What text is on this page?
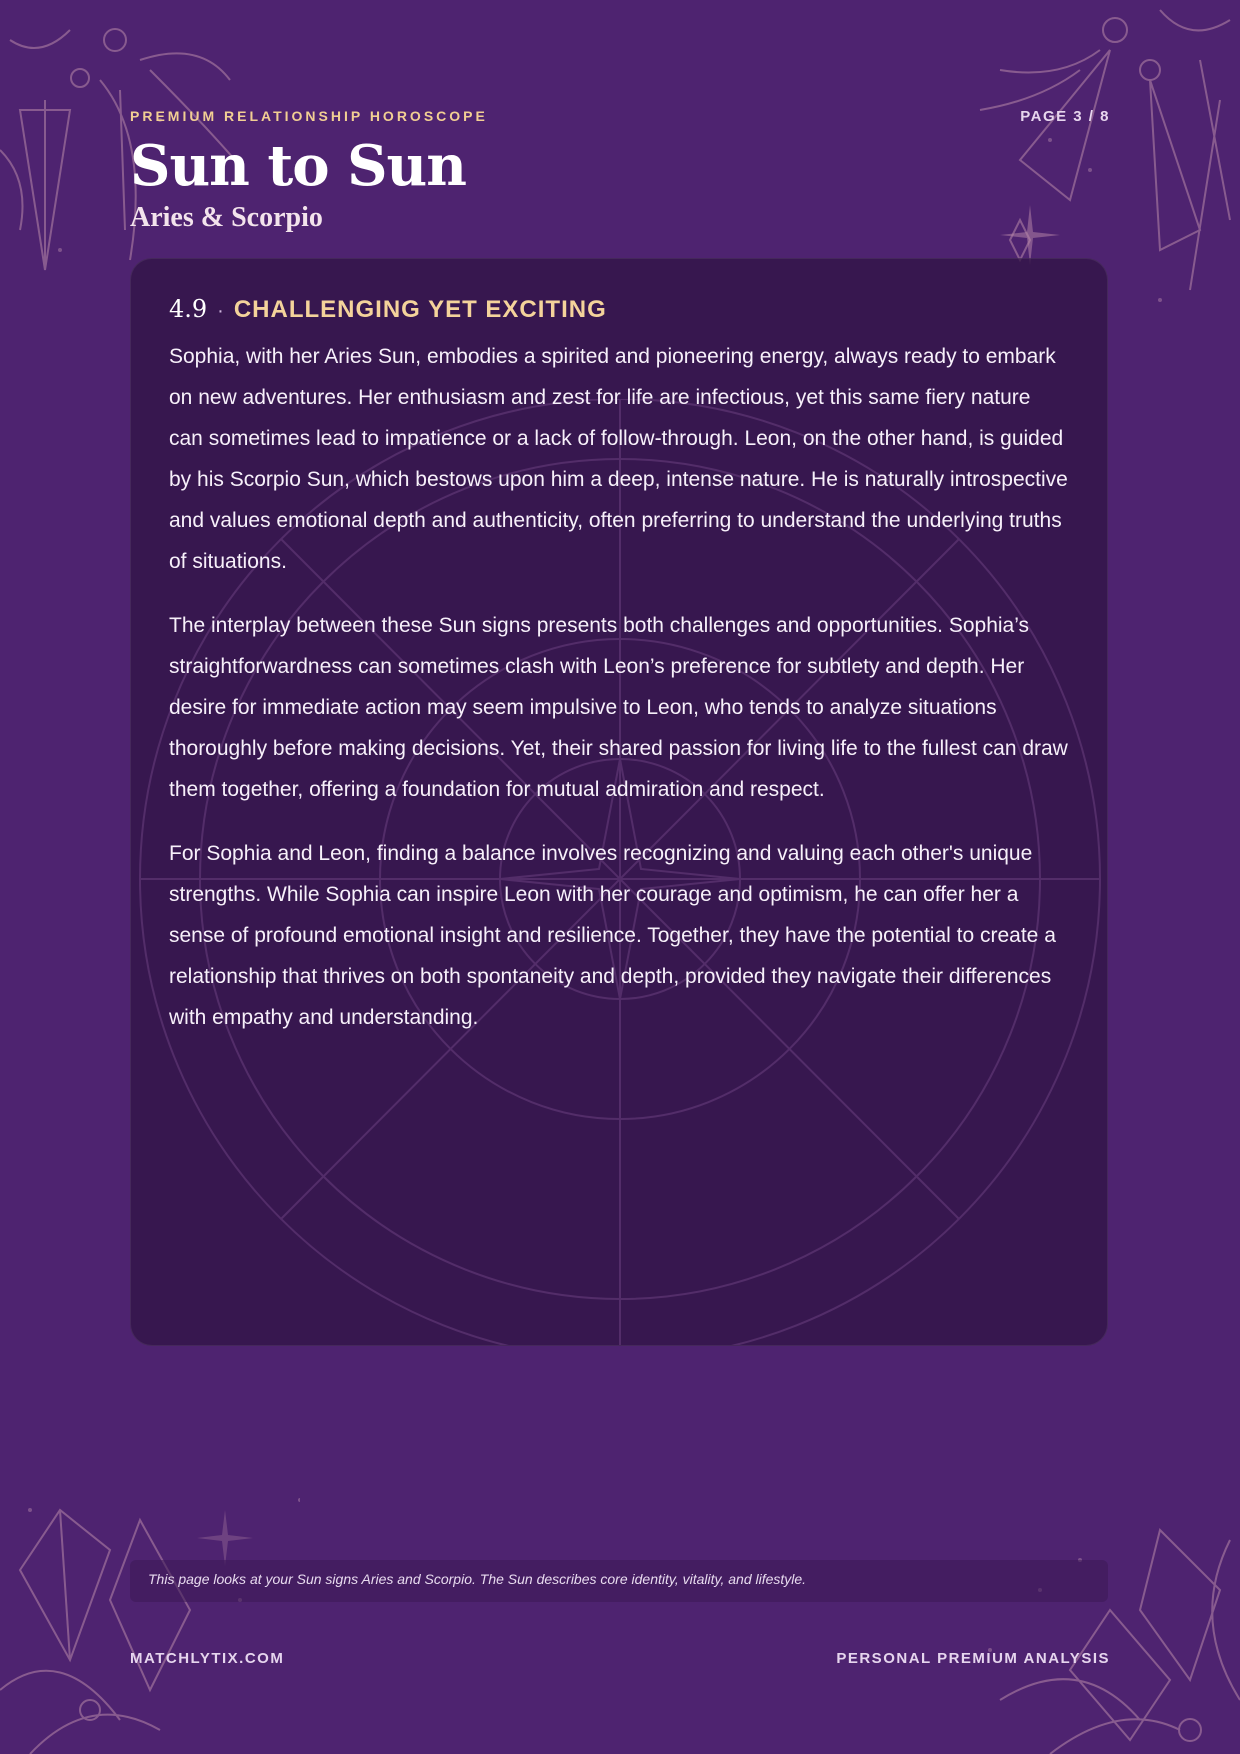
PREMIUM RELATIONSHIP HOROSCOPE	PAGE 3 / 8
Sun to Sun
Aries & Scorpio
4.9 · CHALLENGING YET EXCITING

Sophia, with her Aries Sun, embodies a spirited and pioneering energy, always ready to embark on new adventures. Her enthusiasm and zest for life are infectious, yet this same fiery nature can sometimes lead to impatience or a lack of follow-through. Leon, on the other hand, is guided by his Scorpio Sun, which bestows upon him a deep, intense nature. He is naturally introspective and values emotional depth and authenticity, often preferring to understand the underlying truths of situations.

The interplay between these Sun signs presents both challenges and opportunities. Sophia’s straightforwardness can sometimes clash with Leon’s preference for subtlety and depth. Her desire for immediate action may seem impulsive to Leon, who tends to analyze situations thoroughly before making decisions. Yet, their shared passion for living life to the fullest can draw them together, offering a foundation for mutual admiration and respect.

For Sophia and Leon, finding a balance involves recognizing and valuing each other's unique strengths. While Sophia can inspire Leon with her courage and optimism, he can offer her a sense of profound emotional insight and resilience. Together, they have the potential to create a relationship that thrives on both spontaneity and depth, provided they navigate their differences with empathy and understanding.

This page looks at your Sun signs Aries and Scorpio. The Sun describes core identity, vitality, and lifestyle.
MATCHLYTIX.COM	PERSONAL PREMIUM ANALYSIS
